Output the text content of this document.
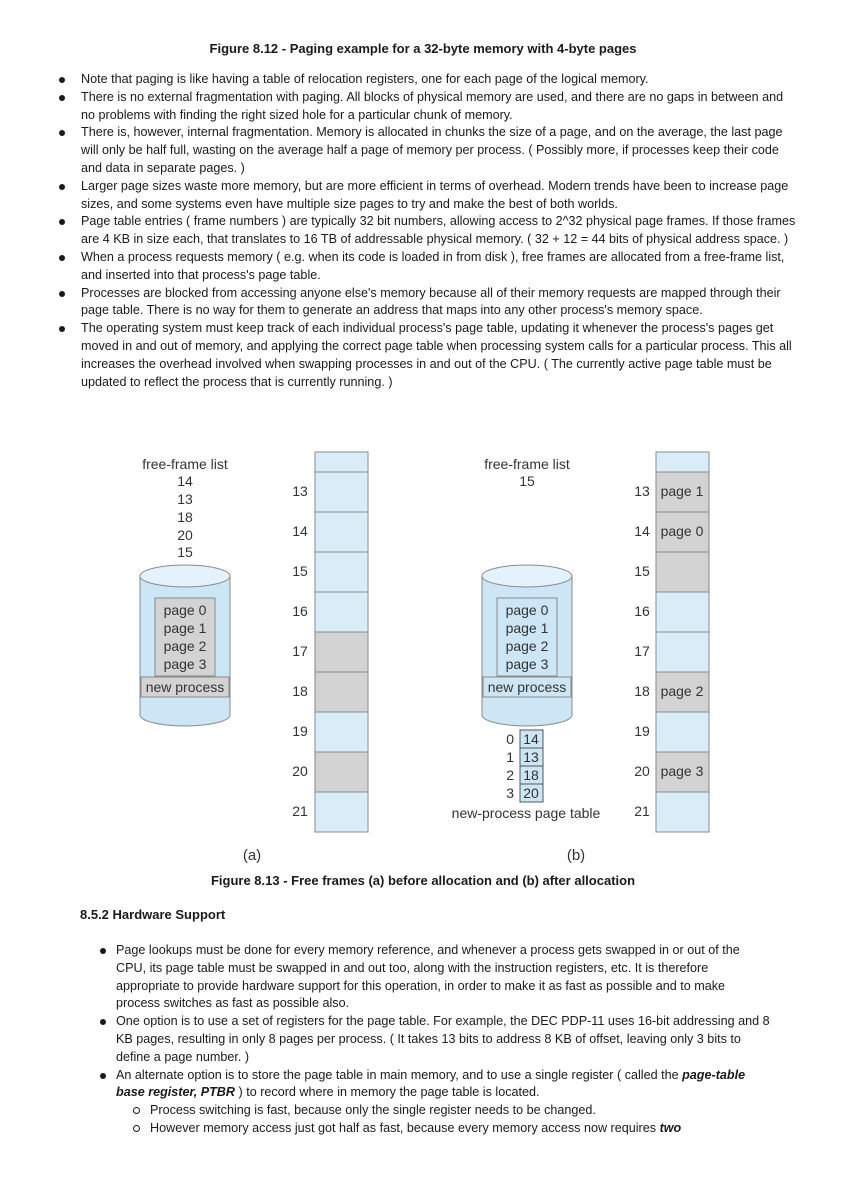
Figure 8.12 - Paging example for a 32-byte memory with 4-byte pages
Note that paging is like having a table of relocation registers, one for each page of the logical memory.
There is no external fragmentation with paging. All blocks of physical memory are used, and there are no gaps in between and no problems with finding the right sized hole for a particular chunk of memory.
There is, however, internal fragmentation. Memory is allocated in chunks the size of a page, and on the average, the last page will only be half full, wasting on the average half a page of memory per process. ( Possibly more, if processes keep their code and data in separate pages. )
Larger page sizes waste more memory, but are more efficient in terms of overhead. Modern trends have been to increase page sizes, and some systems even have multiple size pages to try and make the best of both worlds.
Page table entries ( frame numbers ) are typically 32 bit numbers, allowing access to 2^32 physical page frames. If those frames are 4 KB in size each, that translates to 16 TB of addressable physical memory. ( 32 + 12 = 44 bits of physical address space. )
When a process requests memory ( e.g. when its code is loaded in from disk ), free frames are allocated from a free-frame list, and inserted into that process's page table.
Processes are blocked from accessing anyone else's memory because all of their memory requests are mapped through their page table. There is no way for them to generate an address that maps into any other process's memory space.
The operating system must keep track of each individual process's page table, updating it whenever the process's pages get moved in and out of memory, and applying the correct page table when processing system calls for a particular process. This all increases the overhead involved when swapping processes in and out of the CPU. ( The currently active page table must be updated to reflect the process that is currently running. )
free-frame list
14
13
18
20
15
page 0
page 1
page 2
page 3
new process
13
14
15
16
17
18
19
20
21
(a)
free-frame list
15
page 0
page 1
page 2
page 3
new process
0
1
2
3
14
13
18
20
new-process page table
page 1
page 0
page 2
page 3
13
14
15
16
17
18
19
20
21
(b)
Figure 8.13 - Free frames (a) before allocation and (b) after allocation
8.5.2 Hardware Support
Page lookups must be done for every memory reference, and whenever a process gets swapped in or out of the CPU, its page table must be swapped in and out too, along with the instruction registers, etc. It is therefore appropriate to provide hardware support for this operation, in order to make it as fast as possible and to make process switches as fast as possible also.
One option is to use a set of registers for the page table. For example, the DEC PDP-11 uses 16-bit addressing and 8 KB pages, resulting in only 8 pages per process. ( It takes 13 bits to address 8 KB of offset, leaving only 3 bits to define a page number. )
An alternate option is to store the page table in main memory, and to use a single register ( called the page-table base register, PTBR ) to record where in memory the page table is located.
Process switching is fast, because only the single register needs to be changed.
However memory access just got half as fast, because every memory access now requires two
